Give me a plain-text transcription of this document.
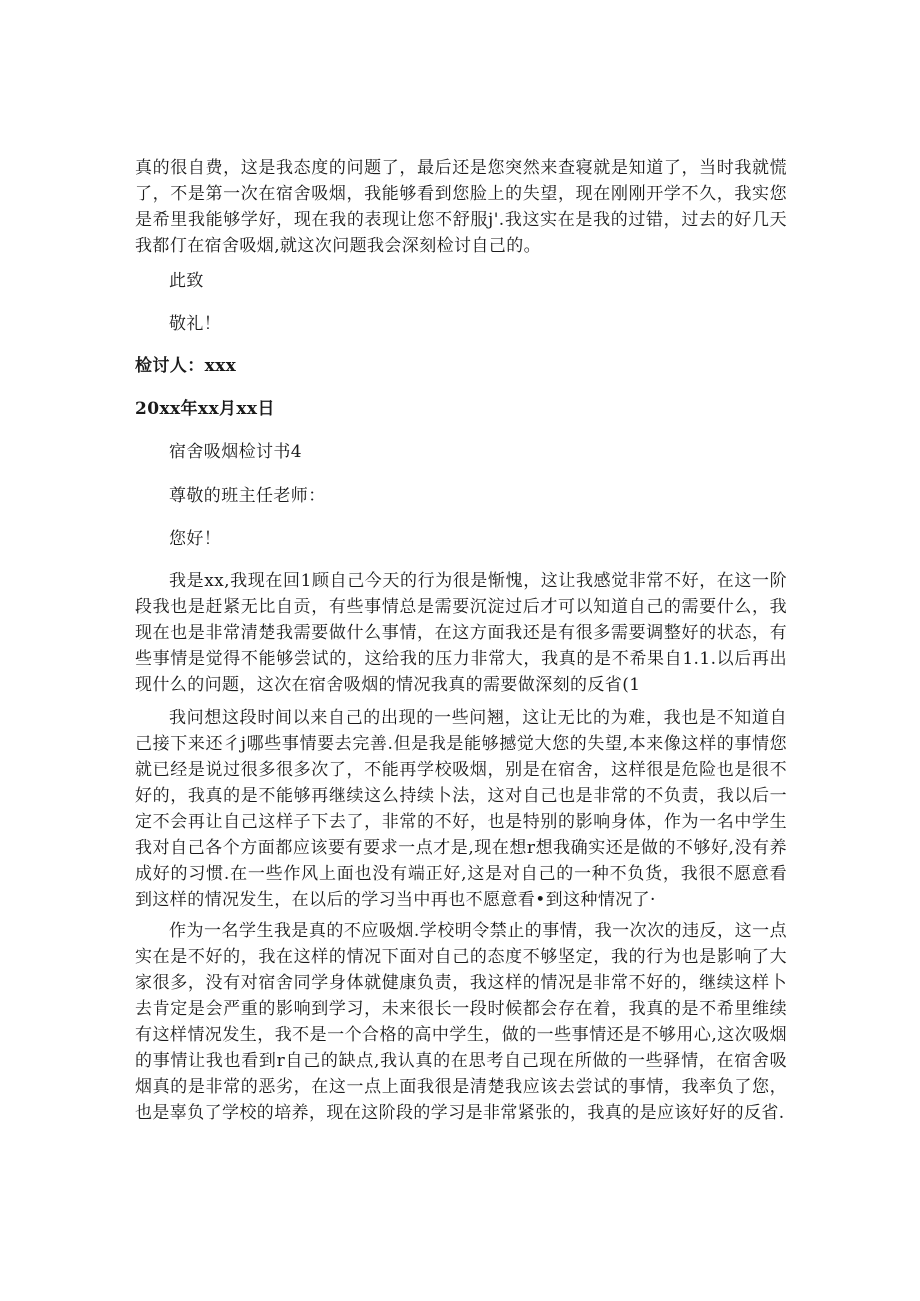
真的很自费，这是我态度的问题了，最后还是您突然来查寝就是知道了，当时我就慌了，不是第一次在宿舍吸烟，我能够看到您脸上的失望，现在刚刚开学不久，我实您是希里我能够学好，现在我的表现让您不舒服j'.我这实在是我的过错，过去的好几天我都仃在宿舍吸烟,就这次问题我会深刻检讨自己的。

此致

敬礼！

检讨人：xxx

20xx年xx月xx日

宿舍吸烟检讨书4

尊敬的班主任老师：

您好！

我是xx,我现在回1顾自己今天的行为很是惭愧，这让我感觉非常不好，在这一阶段我也是赶紧无比自贡，有些事情总是需要沉淀过后才可以知道自己的需要什么，我现在也是非常清楚我需要做什么事情，在这方面我还是有很多需要调整好的状态，有些事情是觉得不能够尝试的，这给我的压力非常大，我真的是不希果自1.1.以后再出现什么的问题，这次在宿舍吸烟的情况我真的需要做深刻的反省(1

我问想这段时间以来自己的出现的一些问翘，这让无比的为难，我也是不知道自己接下来还彳j哪些事情要去完善.但是我是能够撼觉大您的失望,本来像这样的事情您就已经是说过很多很多次了，不能再学校吸烟，别是在宿舍，这样很是危险也是很不好的，我真的是不能够再继续这么持续卜法，这对自己也是非常的不负责，我以后一定不会再让自己这样子下去了，非常的不好，也是特别的影响身体，作为一名中学生我对自己各个方面都应该要有要求一点才是,现在想r想我确实还是做的不够好,没有养成好的习惯.在一些作风上面也没有端正好,这是对自己的一种不负货，我很不愿意看到这样的情况发生，在以后的学习当中再也不愿意看•到这种情况了·

作为一名学生我是真的不应吸烟.学校明令禁止的事情，我一次次的违反，这一点实在是不好的，我在这样的情况下面对自己的态度不够坚定，我的行为也是影响了大家很多，没有对宿舍同学身体就健康负责，我这样的情况是非常不好的，继续这样卜去肯定是会严重的影响到学习，未来很长一段时候都会存在着，我真的是不希里维续有这样情况发生，我不是一个合格的高中学生，做的一些事情还是不够用心,这次吸烟的事情让我也看到r自己的缺点,我认真的在思考自己现在所做的一些驿情，在宿舍吸烟真的是非常的恶劣，在这一点上面我很是清楚我应该去尝试的事情，我率负了您，也是辜负了学校的培养，现在这阶段的学习是非常紧张的，我真的是应该好好的反省.
